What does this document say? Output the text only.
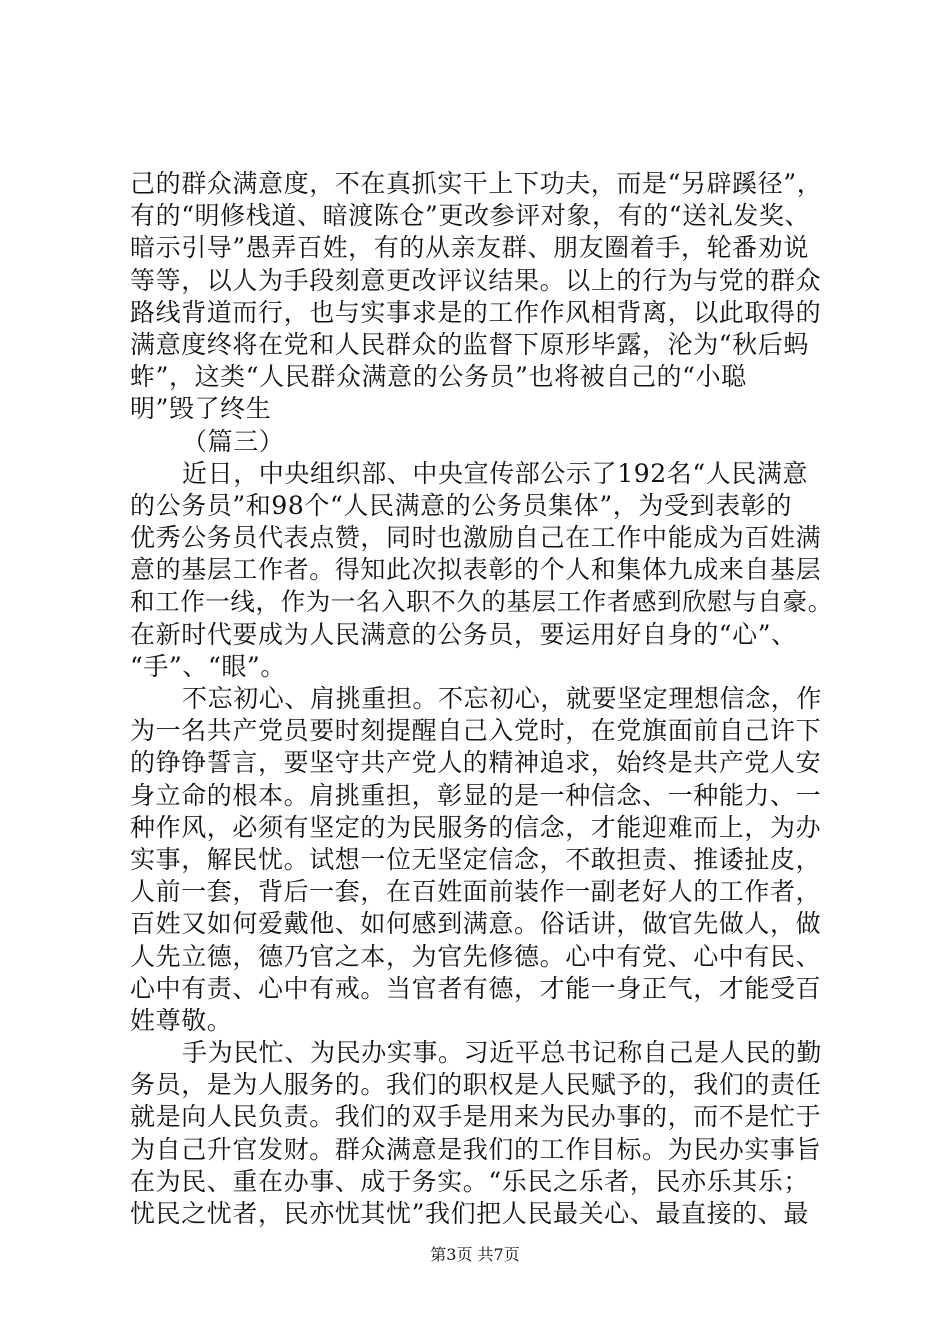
己的群众满意度，不在真抓实干上下功夫，而是“另辟蹊径”，
有的“明修栈道、暗渡陈仓”更改参评对象，有的“送礼发奖、
暗示引导”愚弄百姓，有的从亲友群、朋友圈着手，轮番劝说
等等，以人为手段刻意更改评议结果。以上的行为与党的群众
路线背道而行，也与实事求是的工作作风相背离，以此取得的
满意度终将在党和人民群众的监督下原形毕露，沦为“秋后蚂
蚱”，这类“人民群众满意的公务员”也将被自己的“小聪
明”毁了终生
（篇三）
近日，中央组织部、中央宣传部公示了192名“人民满意
的公务员”和98个“人民满意的公务员集体”，为受到表彰的
优秀公务员代表点赞，同时也激励自己在工作中能成为百姓满
意的基层工作者。得知此次拟表彰的个人和集体九成来自基层
和工作一线，作为一名入职不久的基层工作者感到欣慰与自豪。
在新时代要成为人民满意的公务员，要运用好自身的“心”、
“手”、“眼”。
不忘初心、肩挑重担。不忘初心，就要坚定理想信念，作
为一名共产党员要时刻提醒自己入党时，在党旗面前自己许下
的铮铮誓言，要坚守共产党人的精神追求，始终是共产党人安
身立命的根本。肩挑重担，彰显的是一种信念、一种能力、一
种作风，必须有坚定的为民服务的信念，才能迎难而上，为办
实事，解民忧。试想一位无坚定信念，不敢担责、推诿扯皮，
人前一套，背后一套，在百姓面前装作一副老好人的工作者，
百姓又如何爱戴他、如何感到满意。俗话讲，做官先做人，做
人先立德，德乃官之本，为官先修德。心中有党、心中有民、
心中有责、心中有戒。当官者有德，才能一身正气，才能受百
姓尊敬。
手为民忙、为民办实事。习近平总书记称自己是人民的勤
务员，是为人服务的。我们的职权是人民赋予的，我们的责任
就是向人民负责。我们的双手是用来为民办事的，而不是忙于
为自己升官发财。群众满意是我们的工作目标。为民办实事旨
在为民、重在办事、成于务实。“乐民之乐者，民亦乐其乐；
忧民之忧者，民亦忧其忧”我们把人民最关心、最直接的、最
第3页 共7页
